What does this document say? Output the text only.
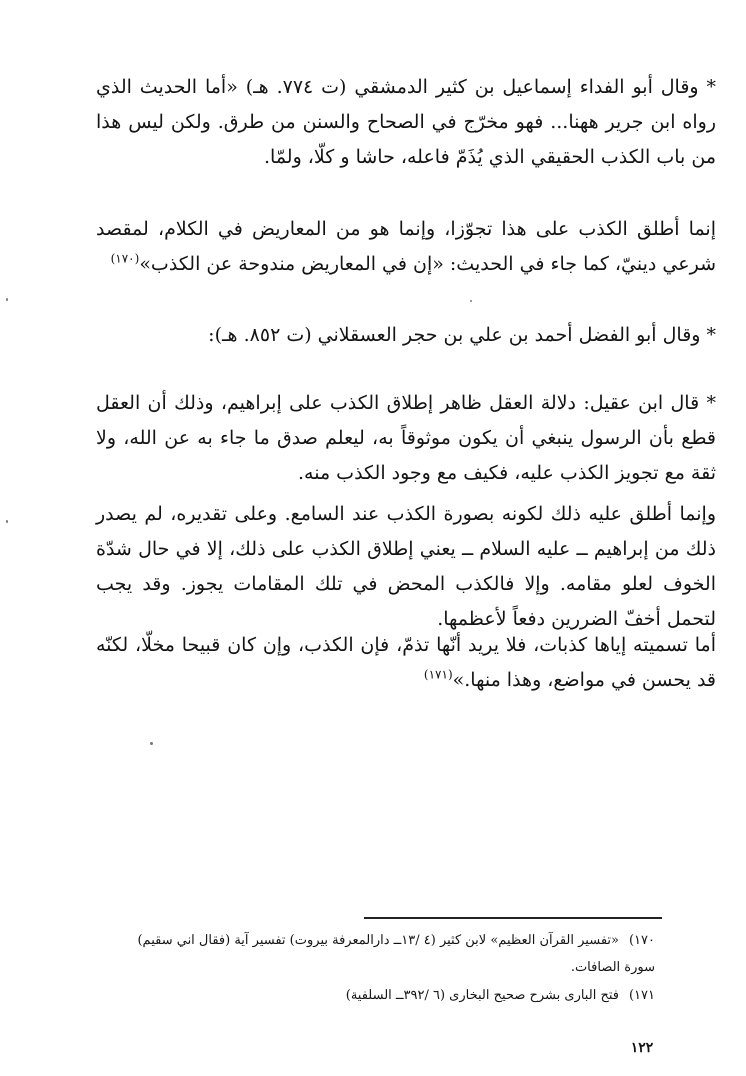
* وقال أبو الفداء إسماعيل بن كثير الدمشقي (ت ٧٧٤. هـ) «أما الحديث الذي رواه ابن جرير ههنا... فهو مخرّج في الصحاح والسنن من طرق. ولكن ليس هذا من باب الكذب الحقيقي الذي يُذَمّ فاعله، حاشا و كلّا، ولمّا.

إنما أطلق الكذب على هذا تجوّزا، وإنما هو من المعاريض في الكلام، لمقصد شرعي دينيّ، كما جاء في الحديث: «إن في المعاريض مندوحة عن الكذب»$^{(١٧٠)}$

* وقال أبو الفضل أحمد بن علي بن حجر العسقلاني (ت ٨٥٢. هـ):

* قال ابن عقيل: دلالة العقل ظاهر إطلاق الكذب على إبراهيم، وذلك أن العقل قطع بأن الرسول ينبغي أن يكون موثوقاً به، ليعلم صدق ما جاء به عن الله، ولا ثقة مع تجويز الكذب عليه، فكيف مع وجود الكذب منه.

وإنما أطلق عليه ذلك لكونه بصورة الكذب عند السامع. وعلى تقديره، لم يصدر ذلك من إبراهيم ــ عليه السلام ــ يعني إطلاق الكذب على ذلك، إلا في حال شدّة الخوف لعلو مقامه. وإلا فالكذب المحض في تلك المقامات يجوز. وقد يجب لتحمل أخفّ الضررين دفعاً لأعظمها.

أما تسميته إياها كذبات، فلا يريد أنّها تذمّ، فإن الكذب، وإن كان قبيحا مخلّا، لكنّه قد يحسن في مواضع، وهذا منها.»$^{(١٧١)}$

١٧٠)«تفسير القرآن العظيم» لابن كثير (٤ /١٣ــ دارالمعرفة بيروت) تفسير آية (فقال اني سقيم) سورة الصافات.

١٧١)فتح البارى بشرح صحيح البخارى (٦ /٣٩٢ــ السلفية)

١٢٢
